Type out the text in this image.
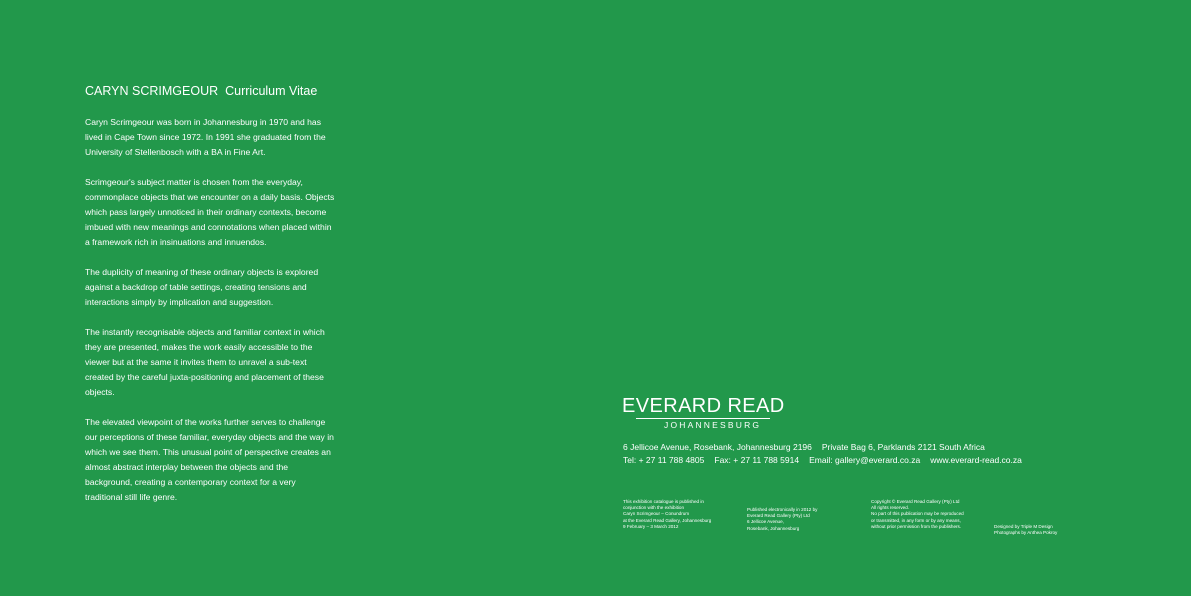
CARYN SCRIMGEOUR Curriculum Vitae

Caryn Scrimgeour was born in Johannesburg in 1970 and has lived in Cape Town since 1972. In 1991 she graduated from the University of Stellenbosch with a BA in Fine Art.

Scrimgeour's subject matter is chosen from the everyday, commonplace objects that we encounter on a daily basis. Objects which pass largely unnoticed in their ordinary contexts, become imbued with new meanings and connotations when placed within a framework rich in insinuations and innuendos.

The duplicity of meaning of these ordinary objects is explored against a backdrop of table settings, creating tensions and interactions simply by implication and suggestion.

The instantly recognisable objects and familiar context in which they are presented, makes the work easily accessible to the viewer but at the same it invites them to unravel a sub-text created by the careful juxta-positioning and placement of these objects.

The elevated viewpoint of the works further serves to challenge our perceptions of these familiar, everyday objects and the way in which we see them. This unusual point of perspective creates an almost abstract interplay between the objects and the background, creating a contemporary context for a very traditional still life genre.

EVERARD READ
JOHANNESBURG
6 Jellicoe Avenue, Rosebank, Johannesburg 2196 Private Bag 6, Parklands 2121 South Africa
Tel: + 27 11 788 4805 Fax: + 27 11 788 5914 Email: gallery@everard.co.za www.everard-read.co.za
This exhibition catalogue is published in
conjunction with the exhibition
Caryn Scrimgeour – Conundrum
at the Everard Read Gallery, Johannesburg
9 February – 3 March 2012
Published electronically in 2012 by
Everard Read Gallery (Pty) Ltd
6 Jellicoe Avenue,
Rosebank, Johannesburg
Copyright © Everard Read Gallery (Pty) Ltd
All rights reserved.
No part of this publication may be reproduced
or transmitted, in any form or by any means,
without prior permission from the publishers.	Designed by Triple M Design
Photographs by Anthea Pokroy
